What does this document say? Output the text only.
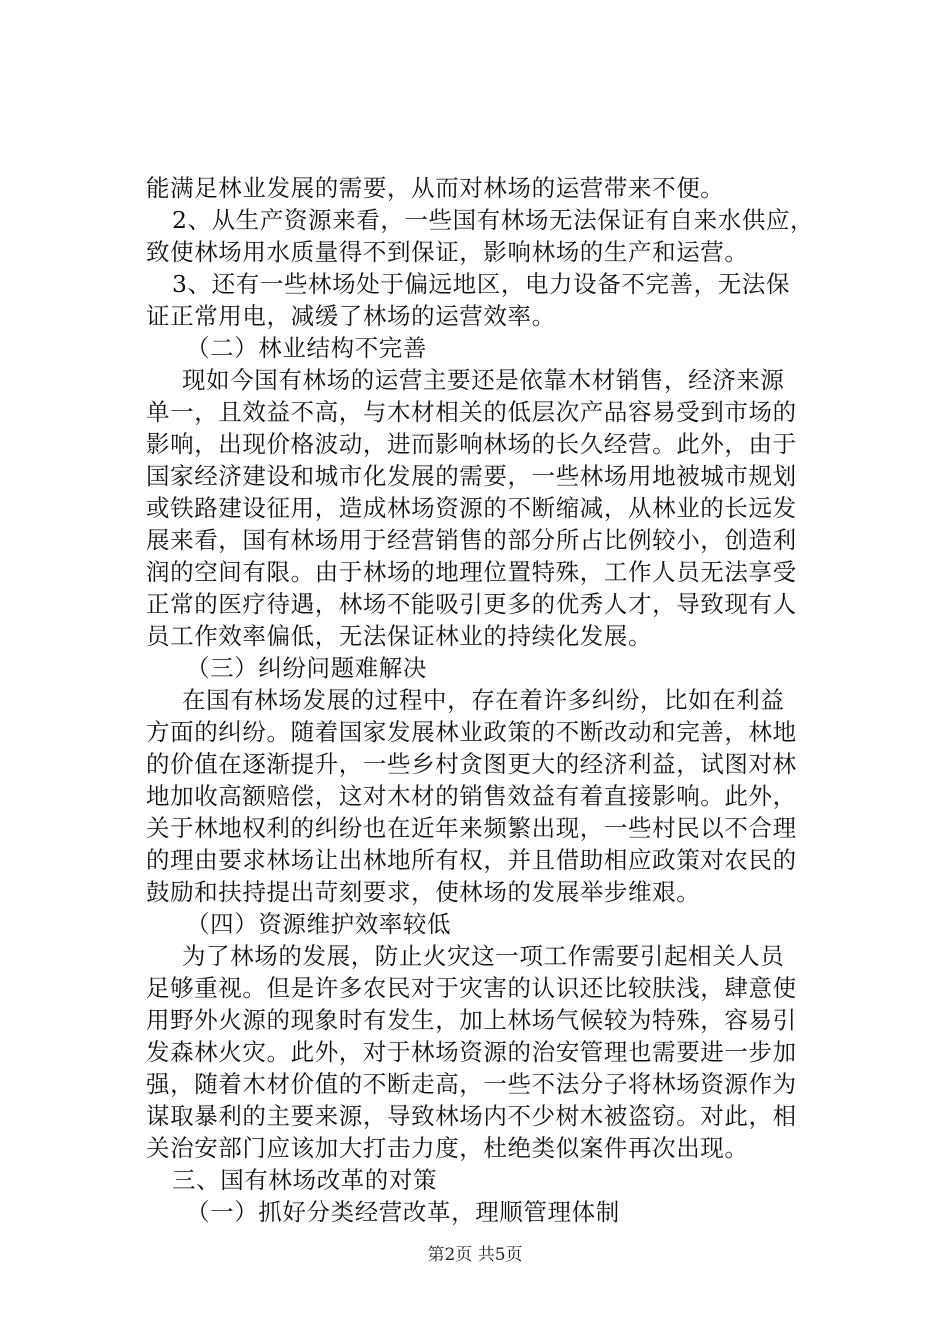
能满足林业发展的需要，从而对林场的运营带来不便。
2、从生产资源来看，一些国有林场无法保证有自来水供应，
致使林场用水质量得不到保证，影响林场的生产和运营。
3、还有一些林场处于偏远地区，电力设备不完善，无法保
证正常用电，减缓了林场的运营效率。
（二）林业结构不完善
现如今国有林场的运营主要还是依靠木材销售，经济来源
单一，且效益不高，与木材相关的低层次产品容易受到市场的
影响，出现价格波动，进而影响林场的长久经营。此外，由于
国家经济建设和城市化发展的需要，一些林场用地被城市规划
或铁路建设征用，造成林场资源的不断缩减，从林业的长远发
展来看，国有林场用于经营销售的部分所占比例较小，创造利
润的空间有限。由于林场的地理位置特殊，工作人员无法享受
正常的医疗待遇，林场不能吸引更多的优秀人才，导致现有人
员工作效率偏低，无法保证林业的持续化发展。
（三）纠纷问题难解决
在国有林场发展的过程中，存在着许多纠纷，比如在利益
方面的纠纷。随着国家发展林业政策的不断改动和完善，林地
的价值在逐渐提升，一些乡村贪图更大的经济利益，试图对林
地加收高额赔偿，这对木材的销售效益有着直接影响。此外，
关于林地权利的纠纷也在近年来频繁出现，一些村民以不合理
的理由要求林场让出林地所有权，并且借助相应政策对农民的
鼓励和扶持提出苛刻要求，使林场的发展举步维艰。
（四）资源维护效率较低
为了林场的发展，防止火灾这一项工作需要引起相关人员
足够重视。但是许多农民对于灾害的认识还比较肤浅，肆意使
用野外火源的现象时有发生，加上林场气候较为特殊，容易引
发森林火灾。此外，对于林场资源的治安管理也需要进一步加
强，随着木材价值的不断走高，一些不法分子将林场资源作为
谋取暴利的主要来源，导致林场内不少树木被盗窃。对此，相
关治安部门应该加大打击力度，杜绝类似案件再次出现。
三、国有林场改革的对策
（一）抓好分类经营改革，理顺管理体制
第2页 共5页
